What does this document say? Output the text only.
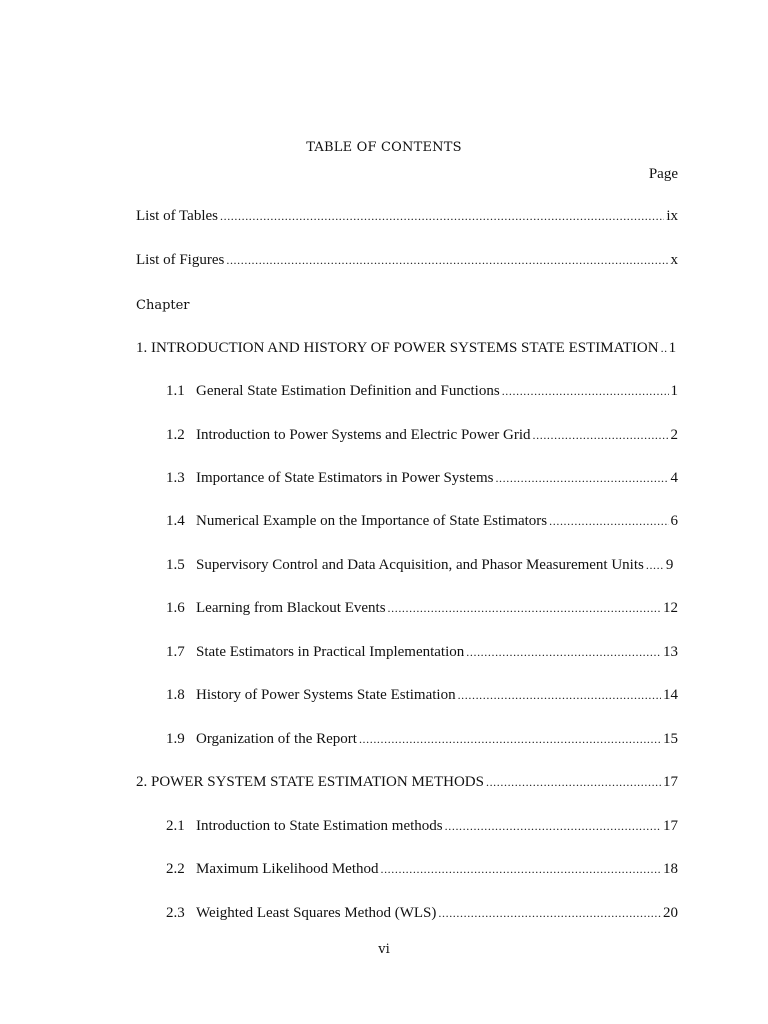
TABLE OF CONTENTS
Page
List of Tables .....	ix
List of Figures .....	x
Chapter
1. INTRODUCTION AND HISTORY OF POWER SYSTEMS STATE ESTIMATION ..... 1
1.1 General State Estimation Definition and Functions .....	1
1.2 Introduction to Power Systems and Electric Power Grid .....	2
1.3 Importance of State Estimators in Power Systems .....	4
1.4 Numerical Example on the Importance of State Estimators .....	6
1.5 Supervisory Control and Data Acquisition, and Phasor Measurement Units ..... 9
1.6 Learning from Blackout Events .....	12
1.7 State Estimators in Practical Implementation .....	13
1.8 History of Power Systems State Estimation .....	14
1.9 Organization of the Report .....	15
2. POWER SYSTEM STATE ESTIMATION METHODS .....	17
2.1 Introduction to State Estimation methods .....	17
2.2 Maximum Likelihood Method .....	18
2.3 Weighted Least Squares Method (WLS) .....	20
vi
